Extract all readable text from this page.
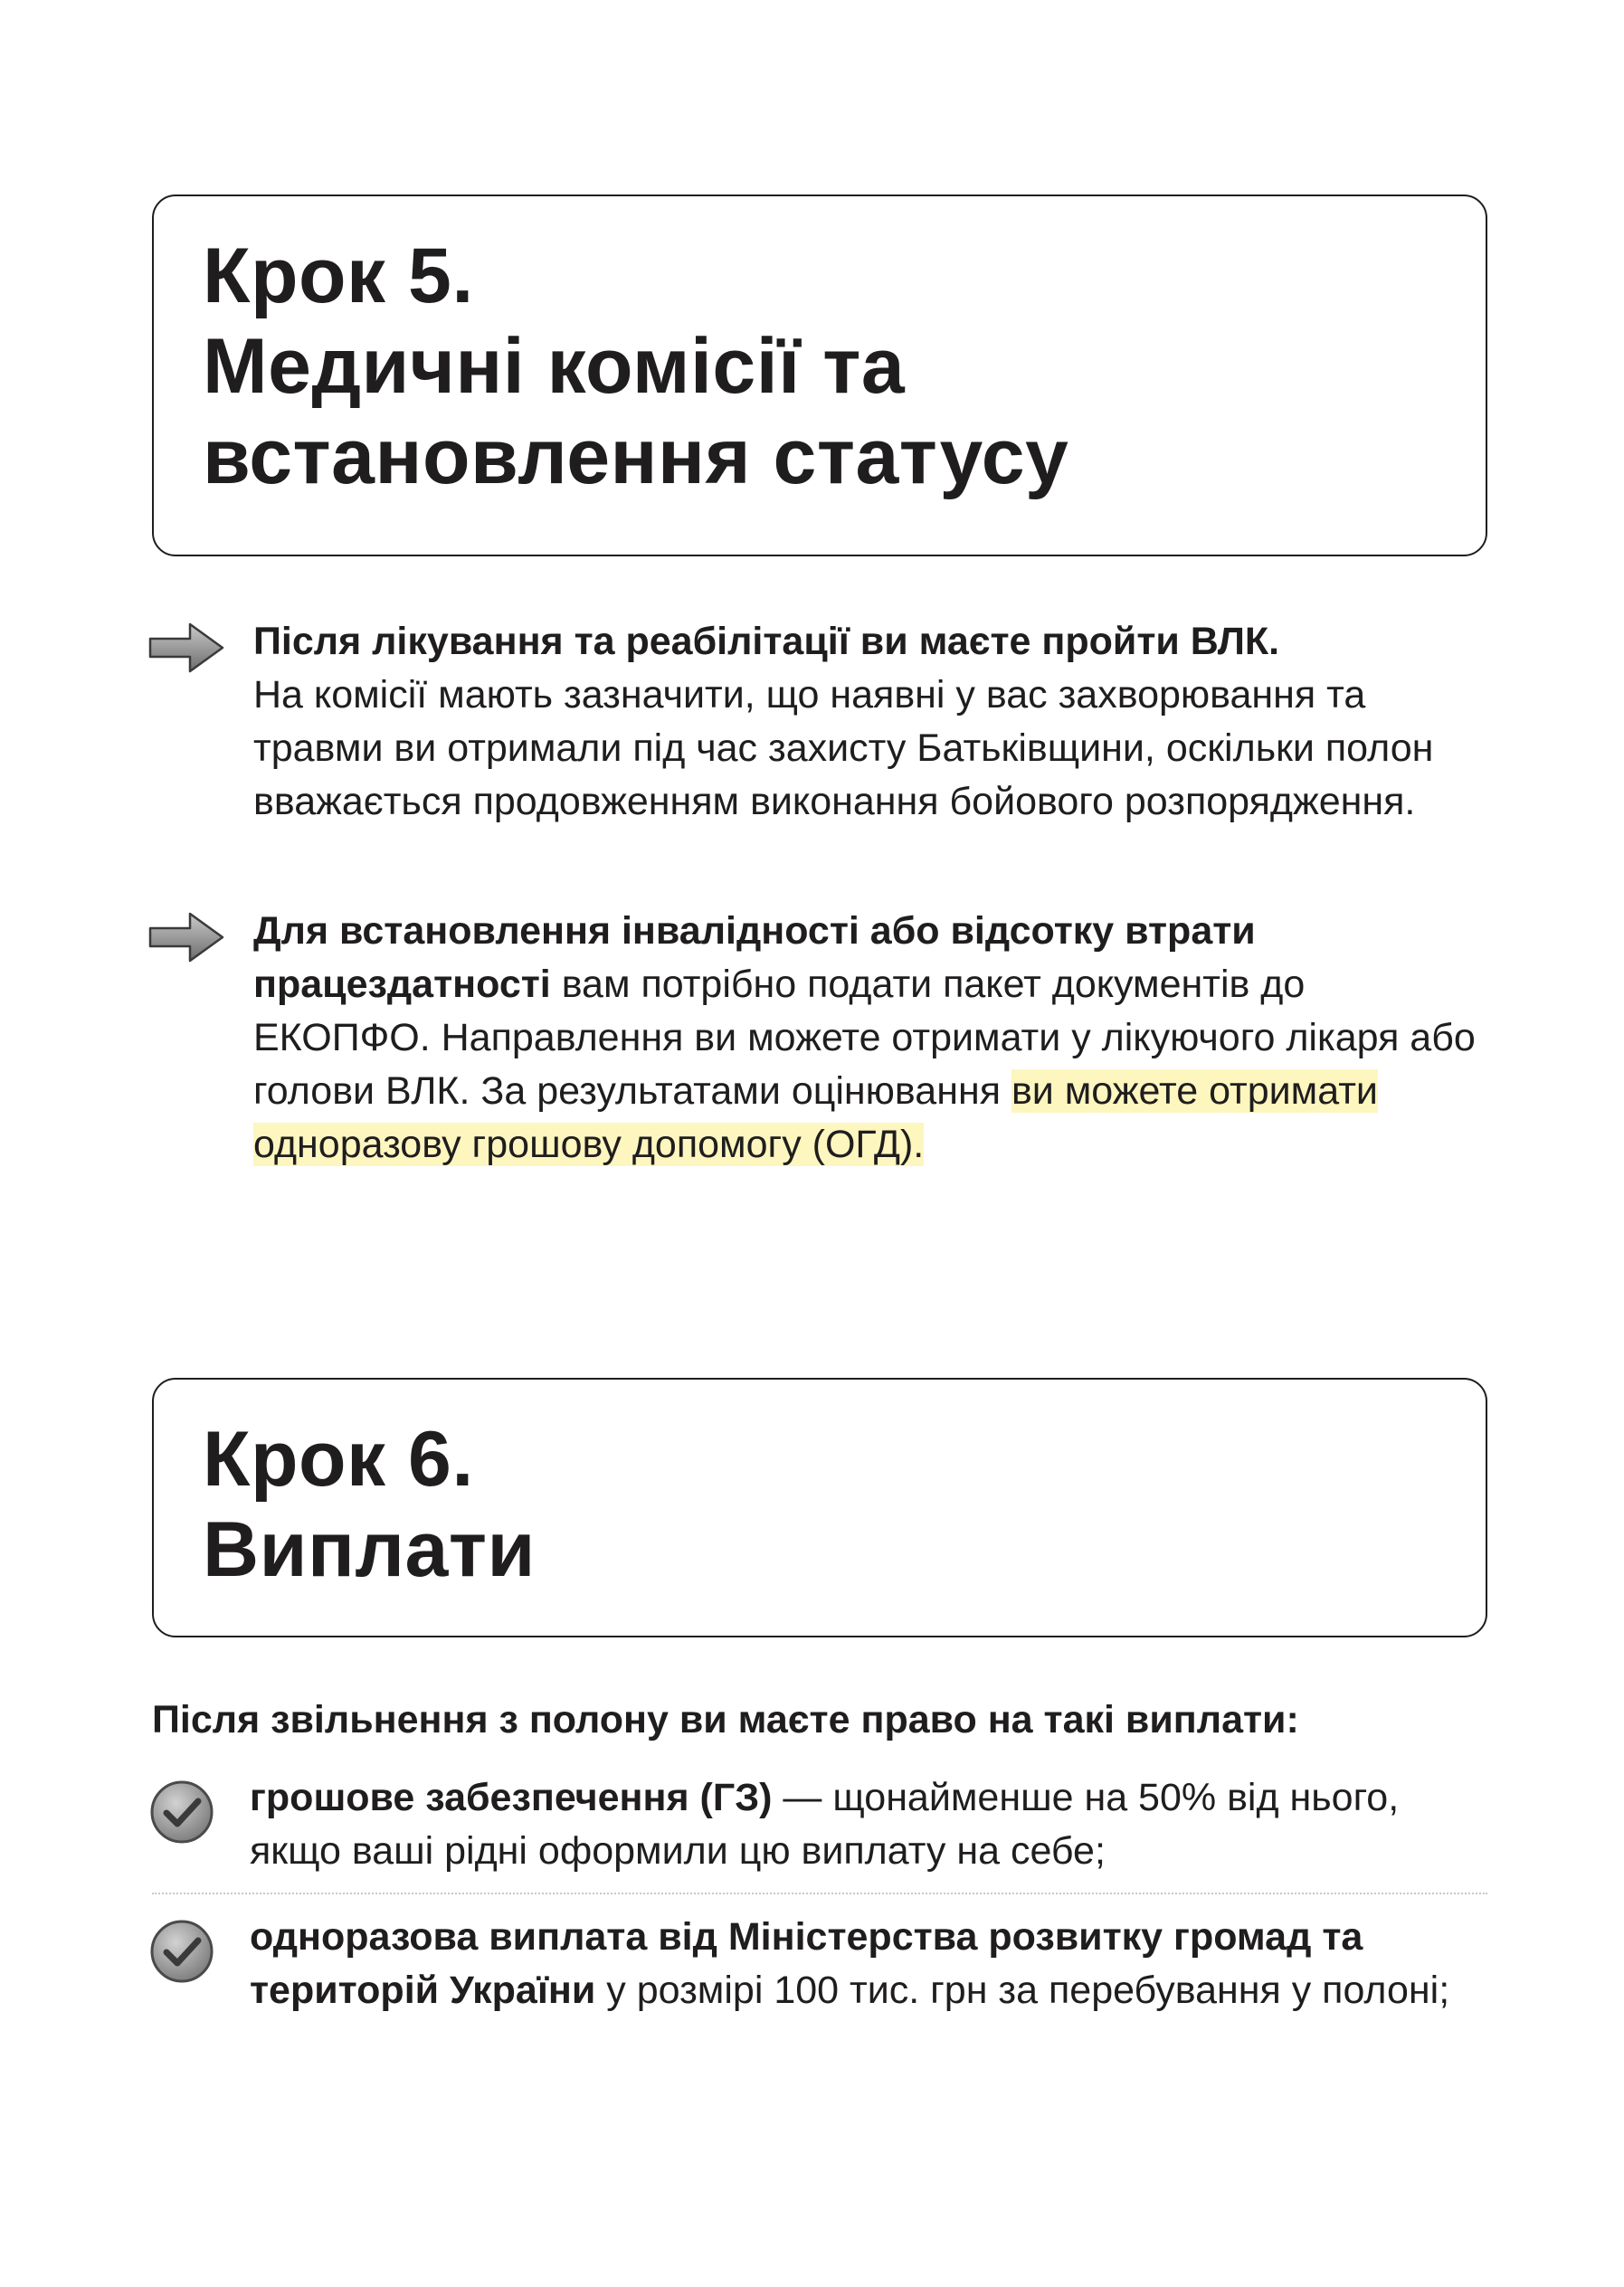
Крок 5.
Медичні комісії та
встановлення статусу
Після лікування та реабілітації ви маєте пройти ВЛК.
На комісії мають зазначити, що наявні у вас захворювання та травми ви отримали під час захисту Батьківщини, оскільки полон вважається продовженням виконання бойового розпорядження.
Для встановлення інвалідності або відсотку втрати працездатності вам потрібно подати пакет документів до ЕКОПФО. Направлення ви можете отримати у лікуючого лікаря або голови ВЛК. За результатами оцінювання ви можете отримати одноразову грошову допомогу (ОГД).
Крок 6.
Виплати
Після звільнення з полону ви маєте право на такі виплати:
грошове забезпечення (ГЗ) — щонайменше на 50% від нього, якщо ваші рідні оформили цю виплату на себе;
одноразова виплата від Міністерства розвитку громад та територій України у розмірі 100 тис. грн за перебування у полоні;
